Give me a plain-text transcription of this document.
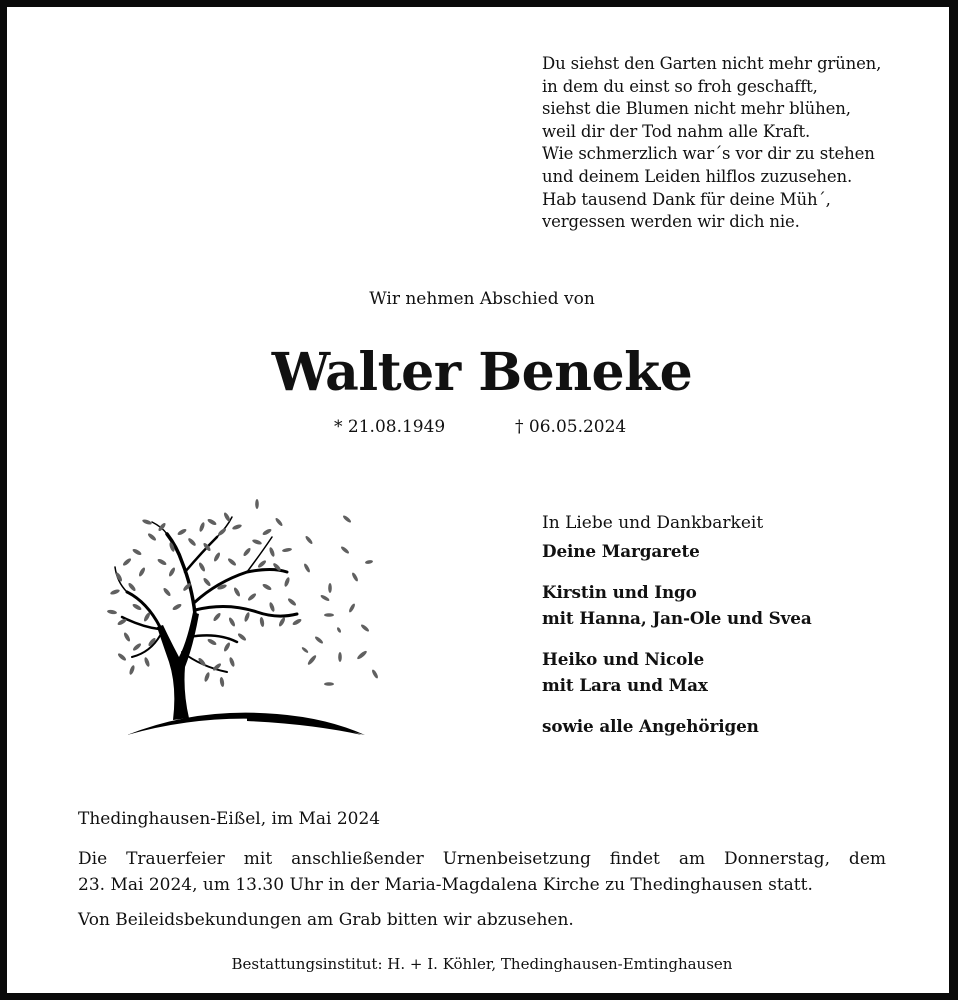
Du siehst den Garten nicht mehr grünen,
in dem du einst so froh geschafft,
siehst die Blumen nicht mehr blühen,
weil dir der Tod nahm alle Kraft.
Wie schmerzlich war´s vor dir zu stehen
und deinem Leiden hilflos zuzusehen.
Hab tausend Dank für deine Müh´,
vergessen werden wir dich nie.
Wir nehmen Abschied von
Walter Beneke
* 21.08.1949	† 06.05.2024
In Liebe und Dankbarkeit
Deine Margarete
Kirstin und Ingo
mit Hanna, Jan-Ole und Svea
Heiko und Nicole
mit Lara und Max
sowie alle Angehörigen
Thedinghausen-Eißel, im Mai 2024
Die Trauerfeier mit anschließender Urnenbeisetzung findet am Donnerstag, dem
23. Mai 2024, um 13.30 Uhr in der Maria-Magdalena Kirche zu Thedinghausen statt.
Von Beileidsbekundungen am Grab bitten wir abzusehen.
Bestattungsinstitut: H. + I. Köhler, Thedinghausen-Emtinghausen
